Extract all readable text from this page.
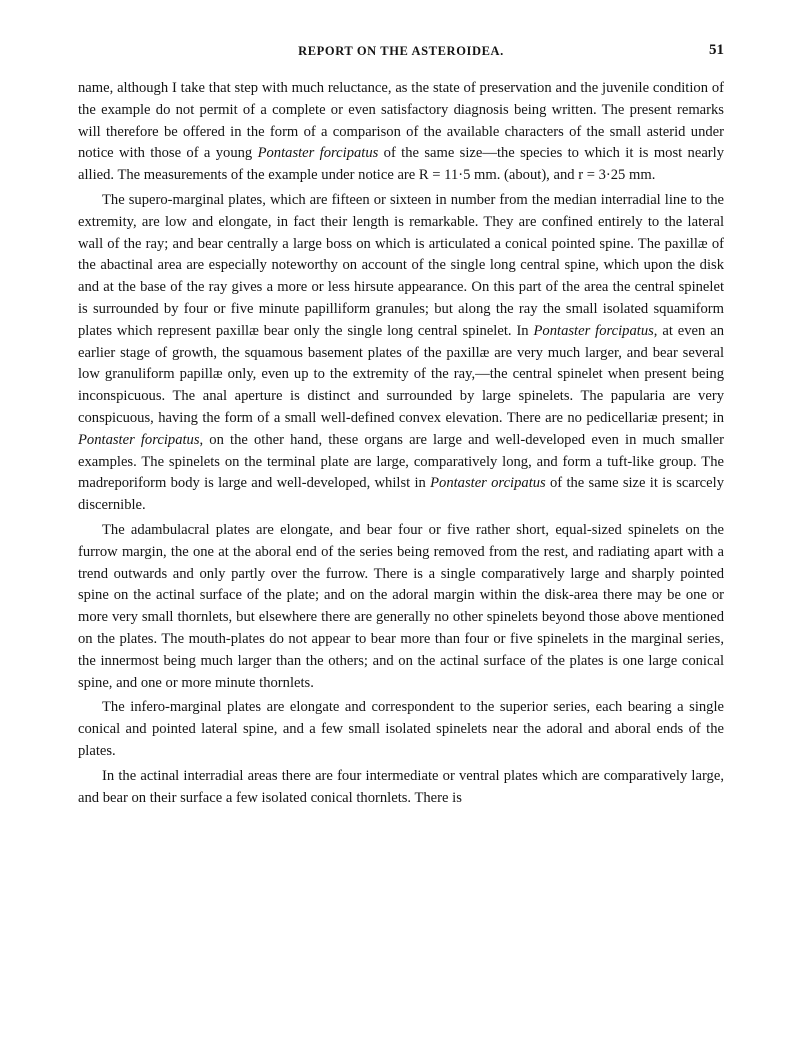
REPORT ON THE ASTEROIDEA.	51

name, although I take that step with much reluctance, as the state of preservation and the juvenile condition of the example do not permit of a complete or even satisfactory diagnosis being written. The present remarks will therefore be offered in the form of a comparison of the available characters of the small asterid under notice with those of a young Pontaster forcipatus of the same size—the species to which it is most nearly allied. The measurements of the example under notice are R = 11·5 mm. (about), and r = 3·25 mm.

The supero-marginal plates, which are fifteen or sixteen in number from the median interradial line to the extremity, are low and elongate, in fact their length is remarkable. They are confined entirely to the lateral wall of the ray; and bear centrally a large boss on which is articulated a conical pointed spine. The paxillæ of the abactinal area are especially noteworthy on account of the single long central spine, which upon the disk and at the base of the ray gives a more or less hirsute appearance. On this part of the area the central spinelet is surrounded by four or five minute papilliform granules; but along the ray the small isolated squamiform plates which represent paxillæ bear only the single long central spinelet. In Pontaster forcipatus, at even an earlier stage of growth, the squamous basement plates of the paxillæ are very much larger, and bear several low granuliform papillæ only, even up to the extremity of the ray,—the central spinelet when present being inconspicuous. The anal aperture is distinct and surrounded by large spinelets. The papularia are very conspicuous, having the form of a small well-defined convex elevation. There are no pedicellariæ present; in Pontaster forcipatus, on the other hand, these organs are large and well-developed even in much smaller examples. The spinelets on the terminal plate are large, comparatively long, and form a tuft-like group. The madreporiform body is large and well-developed, whilst in Pontaster orcipatus of the same size it is scarcely discernible.

The adambulacral plates are elongate, and bear four or five rather short, equal-sized spinelets on the furrow margin, the one at the aboral end of the series being removed from the rest, and radiating apart with a trend outwards and only partly over the furrow. There is a single comparatively large and sharply pointed spine on the actinal surface of the plate; and on the adoral margin within the disk-area there may be one or more very small thornlets, but elsewhere there are generally no other spinelets beyond those above mentioned on the plates. The mouth-plates do not appear to bear more than four or five spinelets in the marginal series, the innermost being much larger than the others; and on the actinal surface of the plates is one large conical spine, and one or more minute thornlets.

The infero-marginal plates are elongate and correspondent to the superior series, each bearing a single conical and pointed lateral spine, and a few small isolated spinelets near the adoral and aboral ends of the plates.

In the actinal interradial areas there are four intermediate or ventral plates which are comparatively large, and bear on their surface a few isolated conical thornlets. There is
